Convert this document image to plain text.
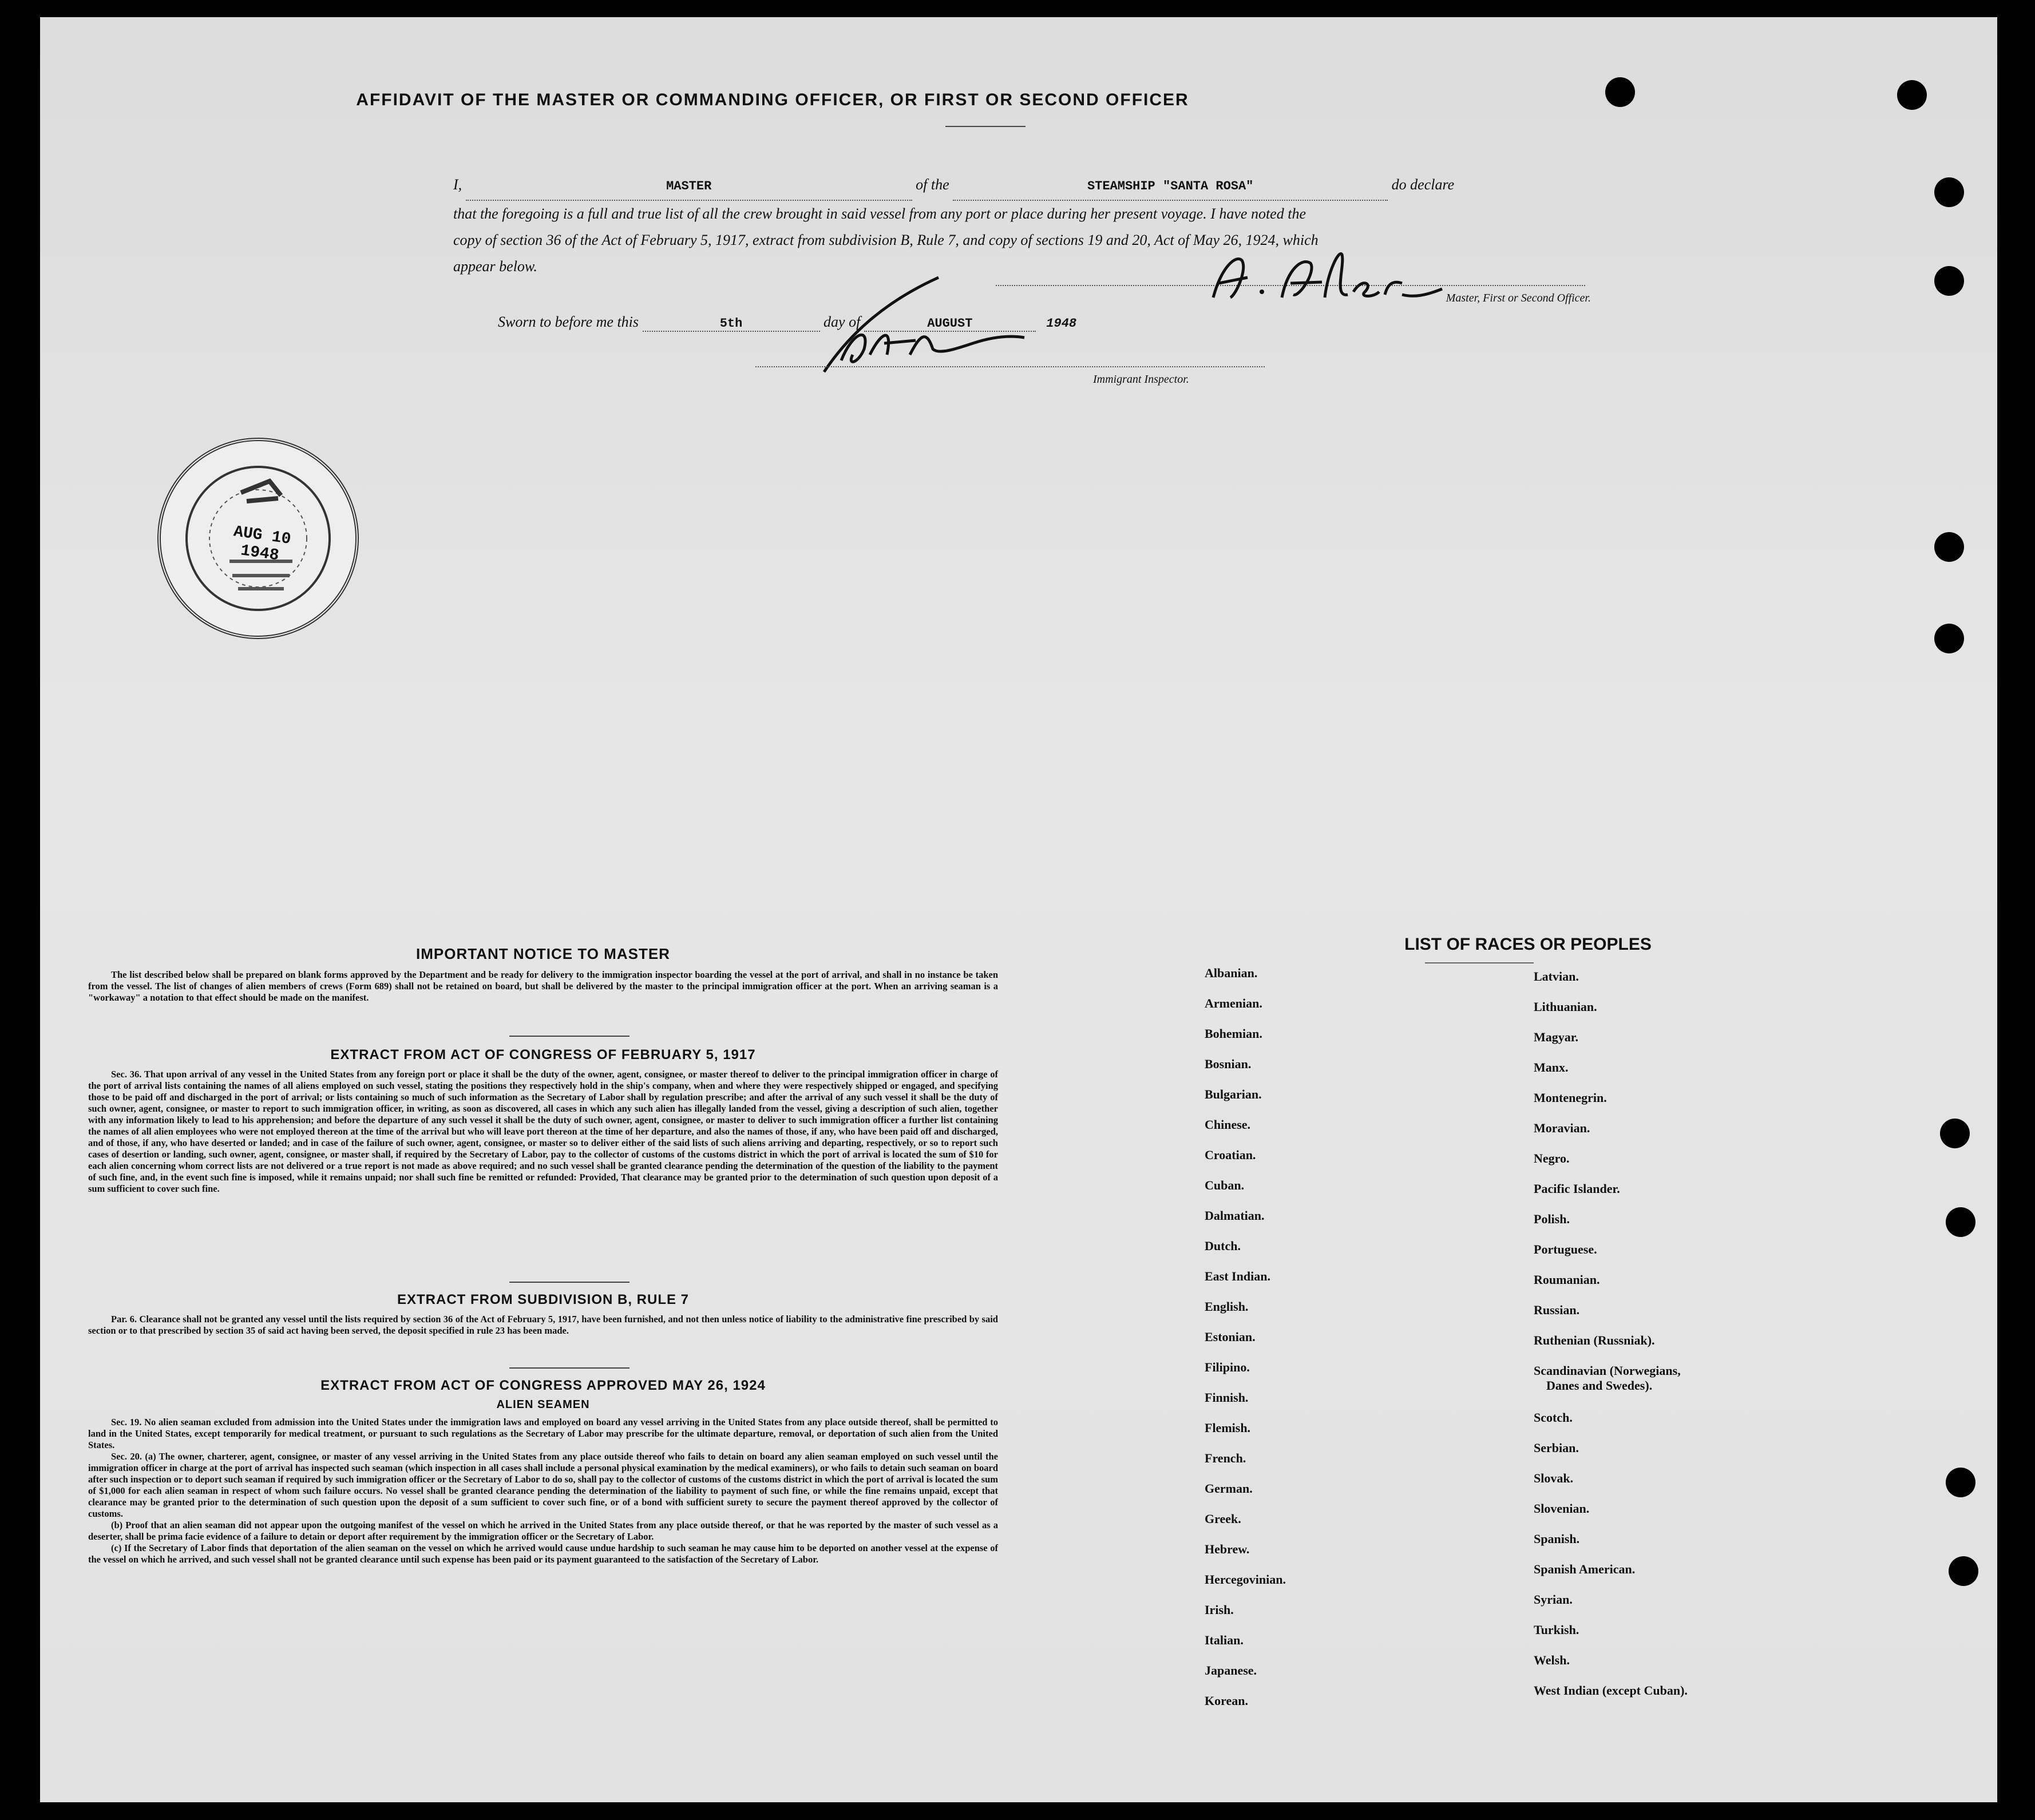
AFFIDAVIT OF THE MASTER OR COMMANDING OFFICER, OR FIRST OR SECOND OFFICER
I,	MASTER	of the	STEAMSHIP "SANTA ROSA"	do declare
that the foregoing is a full and true list of all the crew brought in said vessel from any port or place during her present voyage. I have noted the
copy of section 36 of the Act of February 5, 1917, extract from subdivision B, Rule 7, and copy of sections 19 and 20, Act of May 26, 1924, which
appear below.
Master, First or Second Officer.
Sworn to before me this	5th	day of	AUGUST	1948
Immigrant Inspector.
AUG 10 1948
IMPORTANT NOTICE TO MASTER

The list described below shall be prepared on blank forms approved by the Department and be ready for delivery to the immigration inspector boarding the vessel at the port of arrival, and shall in no instance be taken from the vessel. The list of changes of alien members of crews (Form 689) shall not be retained on board, but shall be delivered by the master to the principal immigration officer at the port. When an arriving seaman is a "workaway" a notation to that effect should be made on the manifest.

EXTRACT FROM ACT OF CONGRESS OF FEBRUARY 5, 1917

Sec. 36. That upon arrival of any vessel in the United States from any foreign port or place it shall be the duty of the owner, agent, consignee, or master thereof to deliver to the principal immigration officer in charge of the port of arrival lists containing the names of all aliens employed on such vessel, stating the positions they respectively hold in the ship's company, when and where they were respectively shipped or engaged, and specifying those to be paid off and discharged in the port of arrival; or lists containing so much of such information as the Secretary of Labor shall by regulation prescribe; and after the arrival of any such vessel it shall be the duty of such owner, agent, consignee, or master to report to such immigration officer, in writing, as soon as discovered, all cases in which any such alien has illegally landed from the vessel, giving a description of such alien, together with any information likely to lead to his apprehension; and before the departure of any such vessel it shall be the duty of such owner, agent, consignee, or master to deliver to such immigration officer a further list containing the names of all alien employees who were not employed thereon at the time of the arrival but who will leave port thereon at the time of her departure, and also the names of those, if any, who have been paid off and discharged, and of those, if any, who have deserted or landed; and in case of the failure of such owner, agent, consignee, or master so to deliver either of the said lists of such aliens arriving and departing, respectively, or so to report such cases of desertion or landing, such owner, agent, consignee, or master shall, if required by the Secretary of Labor, pay to the collector of customs of the customs district in which the port of arrival is located the sum of $10 for each alien concerning whom correct lists are not delivered or a true report is not made as above required; and no such vessel shall be granted clearance pending the determination of the question of the liability to the payment of such fine, and, in the event such fine is imposed, while it remains unpaid; nor shall such fine be remitted or refunded: Provided, That clearance may be granted prior to the determination of such question upon deposit of a sum sufficient to cover such fine.

EXTRACT FROM SUBDIVISION B, RULE 7

Par. 6. Clearance shall not be granted any vessel until the lists required by section 36 of the Act of February 5, 1917, have been furnished, and not then unless notice of liability to the administrative fine prescribed by said section or to that prescribed by section 35 of said act having been served, the deposit specified in rule 23 has been made.

EXTRACT FROM ACT OF CONGRESS APPROVED MAY 26, 1924
ALIEN SEAMEN

Sec. 19. No alien seaman excluded from admission into the United States under the immigration laws and employed on board any vessel arriving in the United States from any place outside thereof, shall be permitted to land in the United States, except temporarily for medical treatment, or pursuant to such regulations as the Secretary of Labor may prescribe for the ultimate departure, removal, or deportation of such alien from the United States.

Sec. 20. (a) The owner, charterer, agent, consignee, or master of any vessel arriving in the United States from any place outside thereof who fails to detain on board any alien seaman employed on such vessel until the immigration officer in charge at the port of arrival has inspected such seaman (which inspection in all cases shall include a personal physical examination by the medical examiners), or who fails to detain such seaman on board after such inspection or to deport such seaman if required by such immigration officer or the Secretary of Labor to do so, shall pay to the collector of customs of the customs district in which the port of arrival is located the sum of $1,000 for each alien seaman in respect of whom such failure occurs. No vessel shall be granted clearance pending the determination of the liability to payment of such fine, or while the fine remains unpaid, except that clearance may be granted prior to the determination of such question upon the deposit of a sum sufficient to cover such fine, or of a bond with sufficient surety to secure the payment thereof approved by the collector of customs.

(b) Proof that an alien seaman did not appear upon the outgoing manifest of the vessel on which he arrived in the United States from any place outside thereof, or that he was reported by the master of such vessel as a deserter, shall be prima facie evidence of a failure to detain or deport after requirement by the immigration officer or the Secretary of Labor.

(c) If the Secretary of Labor finds that deportation of the alien seaman on the vessel on which he arrived would cause undue hardship to such seaman he may cause him to be deported on another vessel at the expense of the vessel on which he arrived, and such vessel shall not be granted clearance until such expense has been paid or its payment guaranteed to the satisfaction of the Secretary of Labor.

LIST OF RACES OR PEOPLES
Albanian.
Armenian.
Bohemian.
Bosnian.
Bulgarian.
Chinese.
Croatian.
Cuban.
Dalmatian.
Dutch.
East Indian.
English.
Estonian.
Filipino.
Finnish.
Flemish.
French.
German.
Greek.
Hebrew.
Hercegovinian.
Irish.
Italian.
Japanese.
Korean.
Latvian.
Lithuanian.
Magyar.
Manx.
Montenegrin.
Moravian.
Negro.
Pacific Islander.
Polish.
Portuguese.
Roumanian.
Russian.
Ruthenian (Russniak).
Scandinavian (Norwegians,
Danes and Swedes).
Scotch.
Serbian.
Slovak.
Slovenian.
Spanish.
Spanish American.
Syrian.
Turkish.
Welsh.
West Indian (except Cuban).
